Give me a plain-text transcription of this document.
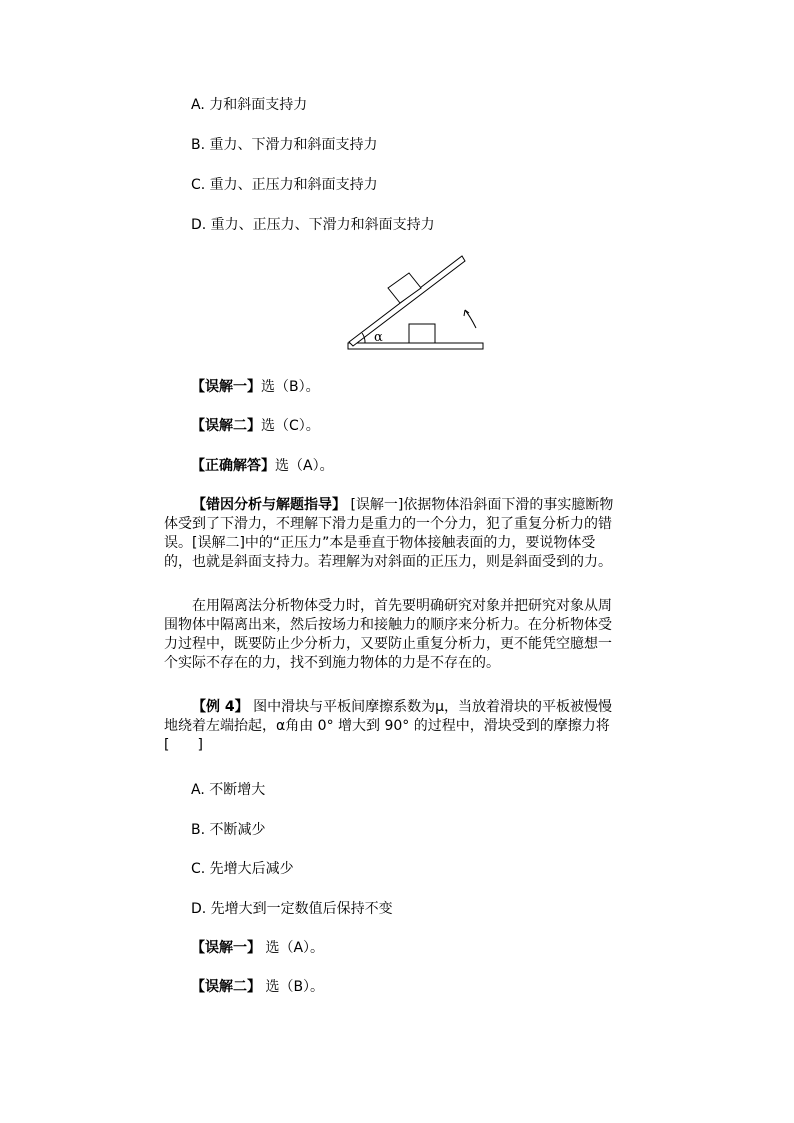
A. 力和斜面支持力
B. 重力、下滑力和斜面支持力
C. 重力、正压力和斜面支持力
D. 重力、正压力、下滑力和斜面支持力
α
【误解一】选（B）。
【误解二】选（C）。
【正确解答】选（A）。
【错因分析与解题指导】 [误解一]依据物体沿斜面下滑的事实臆断物
体受到了下滑力，不理解下滑力是重力的一个分力，犯了重复分析力的错
误。[误解二]中的“正压力”本是垂直于物体接触表面的力，要说物体受
的，也就是斜面支持力。若理解为对斜面的正压力，则是斜面受到的力。
在用隔离法分析物体受力时，首先要明确研究对象并把研究对象从周
围物体中隔离出来，然后按场力和接触力的顺序来分析力。在分析物体受
力过程中，既要防止少分析力，又要防止重复分析力，更不能凭空臆想一
个实际不存在的力，找不到施力物体的力是不存在的。
【例 4】 图中滑块与平板间摩擦系数为μ，当放着滑块的平板被慢慢
地绕着左端抬起，α角由 0° 增大到 90° 的过程中，滑块受到的摩擦力将
[　　]
A. 不断增大
B. 不断减少
C. 先增大后减少
D. 先增大到一定数值后保持不变
【误解一】 选（A）。
【误解二】 选（B）。
